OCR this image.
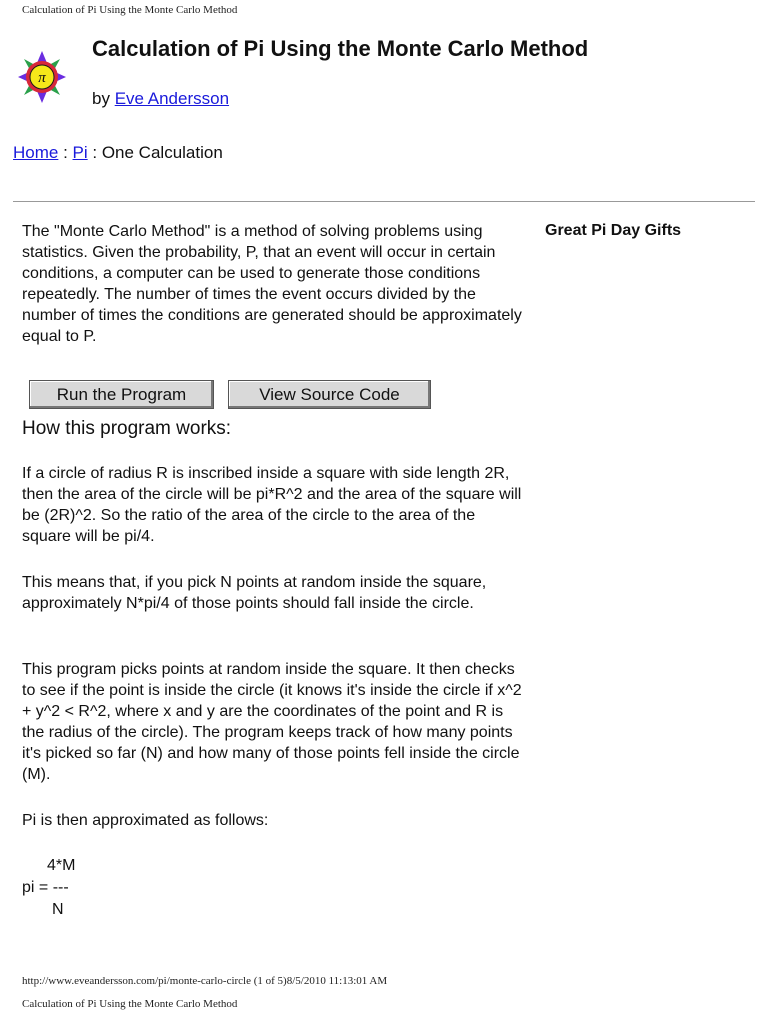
Calculation of Pi Using the Monte Carlo Method
π
Calculation of Pi Using the Monte Carlo Method
by Eve Andersson
Home : Pi : One Calculation

The "Monte Carlo Method" is a method of solving problems using statistics. Given the probability, P, that an event will occur in certain conditions, a computer can be used to generate those conditions repeatedly. The number of times the event occurs divided by the number of times the conditions are generated should be approximately equal to P.

Great Pi Day Gifts
Run the Program	View Source Code
How this program works:

If a circle of radius R is inscribed inside a square with side length 2R, then the area of the circle will be pi*R^2 and the area of the square will be (2R)^2. So the ratio of the area of the circle to the area of the square will be pi/4.

This means that, if you pick N points at random inside the square, approximately N*pi/4 of those points should fall inside the circle.

This program picks points at random inside the square. It then checks to see if the point is inside the circle (it knows it's inside the circle if x^2 + y^2 < R^2, where x and y are the coordinates of the point and R is the radius of the circle). The program keeps track of how many points it's picked so far (N) and how many of those points fell inside the circle (M).

Pi is then approximated as follows:

4*M
pi = ---
N
http://www.eveandersson.com/pi/monte-carlo-circle (1 of 5)8/5/2010 11:13:01 AM
Calculation of Pi Using the Monte Carlo Method
